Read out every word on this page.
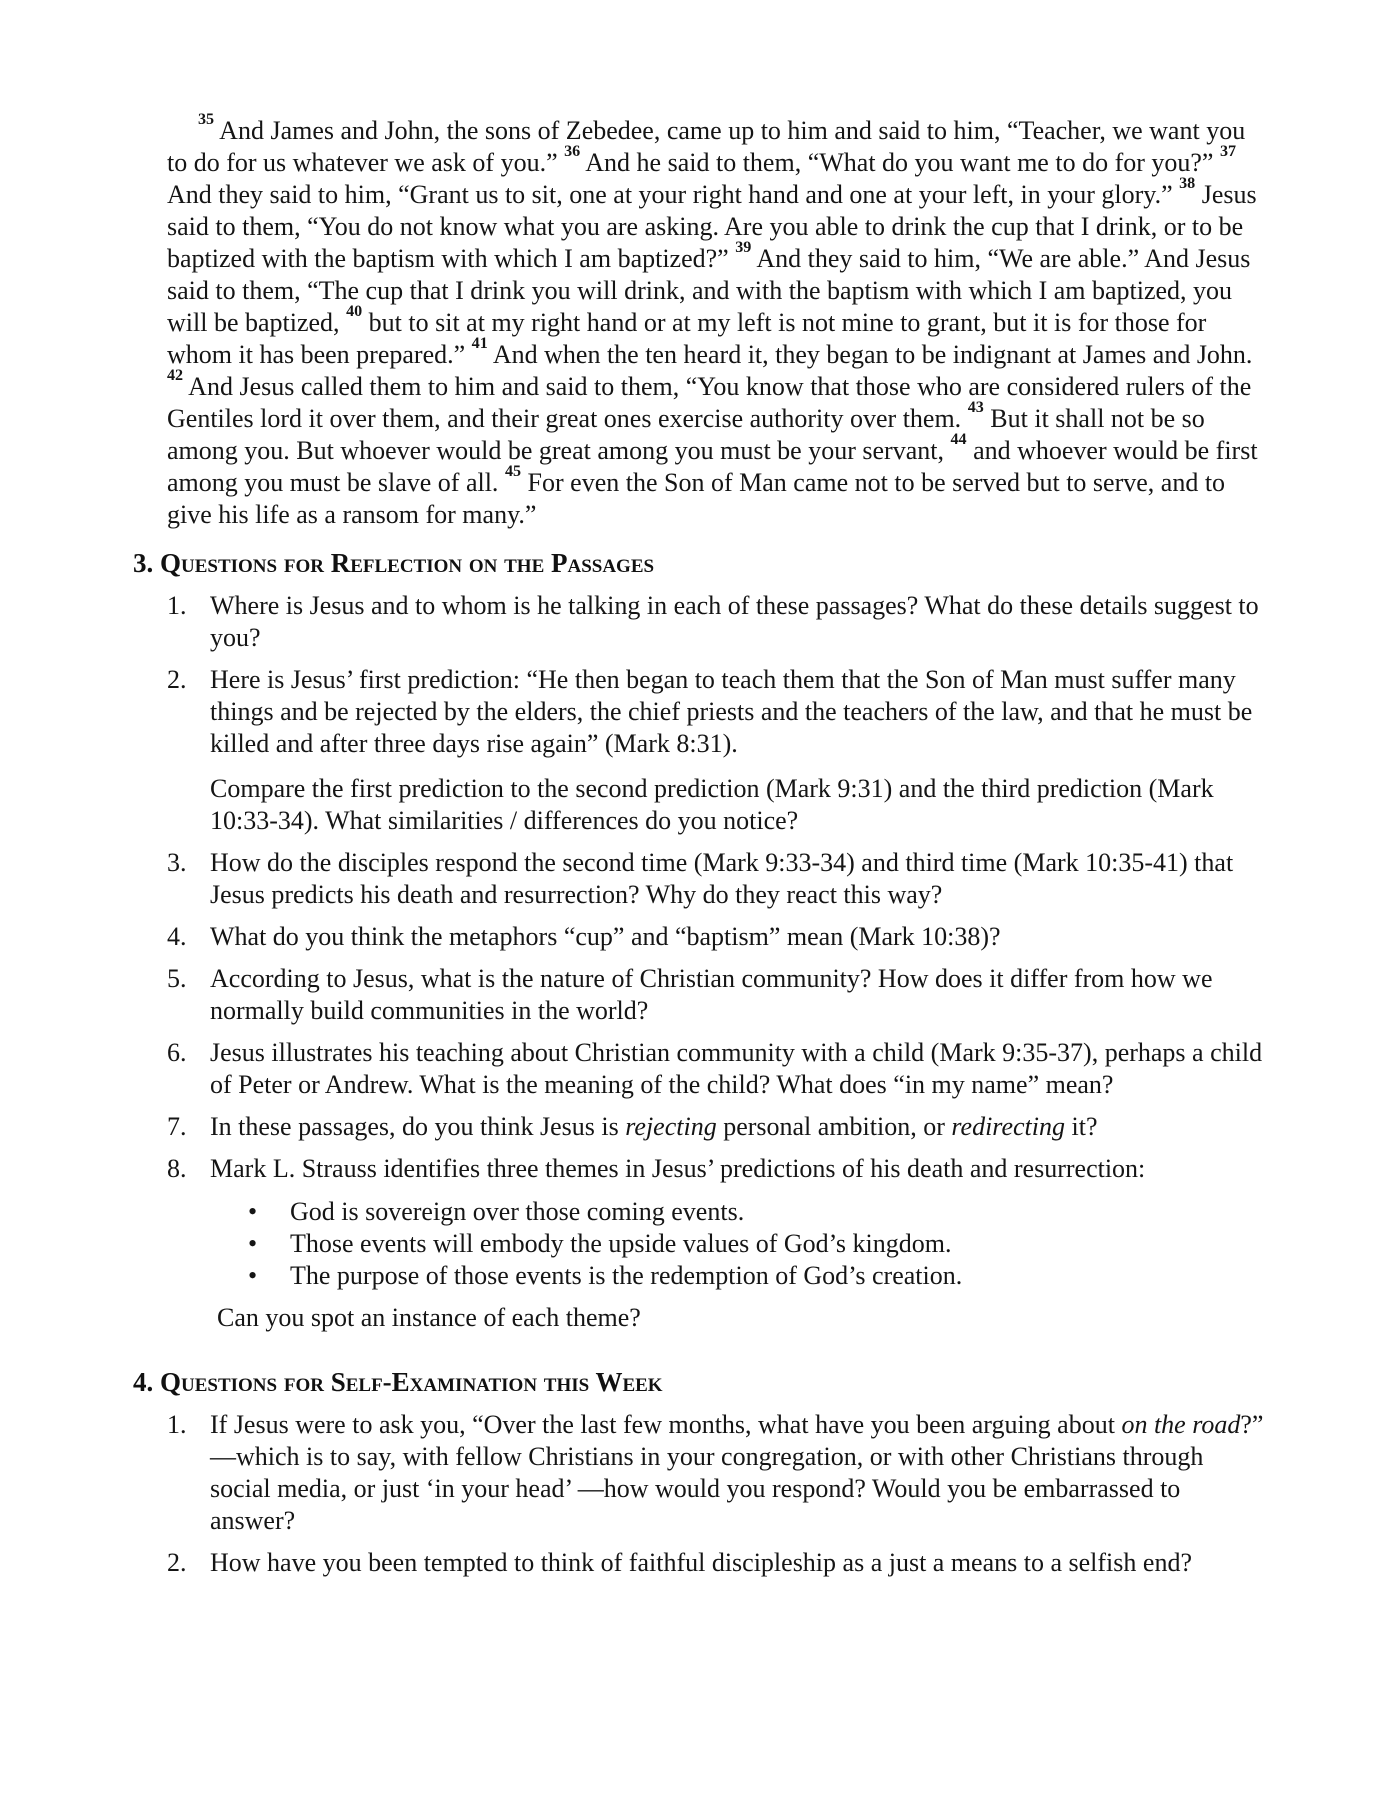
$^{35}$ And James and John, the sons of Zebedee, came up to him and said to him, “Teacher, we want you to do for us whatever we ask of you.” $^{36}$ And he said to them, “What do you want me to do for you?” $^{37}$ And they said to him, “Grant us to sit, one at your right hand and one at your left, in your glory.” $^{38}$ Jesus said to them, “You do not know what you are asking. Are you able to drink the cup that I drink, or to be baptized with the baptism with which I am baptized?” $^{39}$ And they said to him, “We are able.” And Jesus said to them, “The cup that I drink you will drink, and with the baptism with which I am baptized, you will be baptized, $^{40}$ but to sit at my right hand or at my left is not mine to grant, but it is for those for whom it has been prepared.” $^{41}$ And when the ten heard it, they began to be indignant at James and John. $^{42}$ And Jesus called them to him and said to them, “You know that those who are considered rulers of the Gentiles lord it over them, and their great ones exercise authority over them. $^{43}$ But it shall not be so among you. But whoever would be great among you must be your servant, $^{44}$ and whoever would be first among you must be slave of all. $^{45}$ For even the Son of Man came not to be served but to serve, and to give his life as a ransom for many.”

3. Questions for Reflection on the Passages
1. Where is Jesus and to whom is he talking in each of these passages? What do these details suggest to you?

2. Here is Jesus’ first prediction: “He then began to teach them that the Son of Man must suffer many things and be rejected by the elders, the chief priests and the teachers of the law, and that he must be killed and after three days rise again” (Mark 8:31).

Compare the first prediction to the second prediction (Mark 9:31) and the third prediction (Mark 10:33-34). What similarities / differences do you notice?

3. How do the disciples respond the second time (Mark 9:33-34) and third time (Mark 10:35-41) that Jesus predicts his death and resurrection? Why do they react this way?

4. What do you think the metaphors “cup” and “baptism” mean (Mark 10:38)?

5. According to Jesus, what is the nature of Christian community? How does it differ from how we normally build communities in the world?

6. Jesus illustrates his teaching about Christian community with a child (Mark 9:35-37), perhaps a child of Peter or Andrew. What is the meaning of the child? What does “in my name” mean?

7. In these passages, do you think Jesus is rejecting personal ambition, or redirecting it?

8. Mark L. Strauss identifies three themes in Jesus’ predictions of his death and resurrection:

•	God is sovereign over those coming events.
•	Those events will embody the upside values of God’s kingdom.
•	The purpose of those events is the redemption of God’s creation.

Can you spot an instance of each theme?

4. Questions for Self-Examination this Week
1. If Jesus were to ask you, “Over the last few months, what have you been arguing about on the road?” —which is to say, with fellow Christians in your congregation, or with other Christians through social media, or just ‘in your head’ —how would you respond? Would you be embarrassed to answer?

2. How have you been tempted to think of faithful discipleship as a just a means to a selfish end?
